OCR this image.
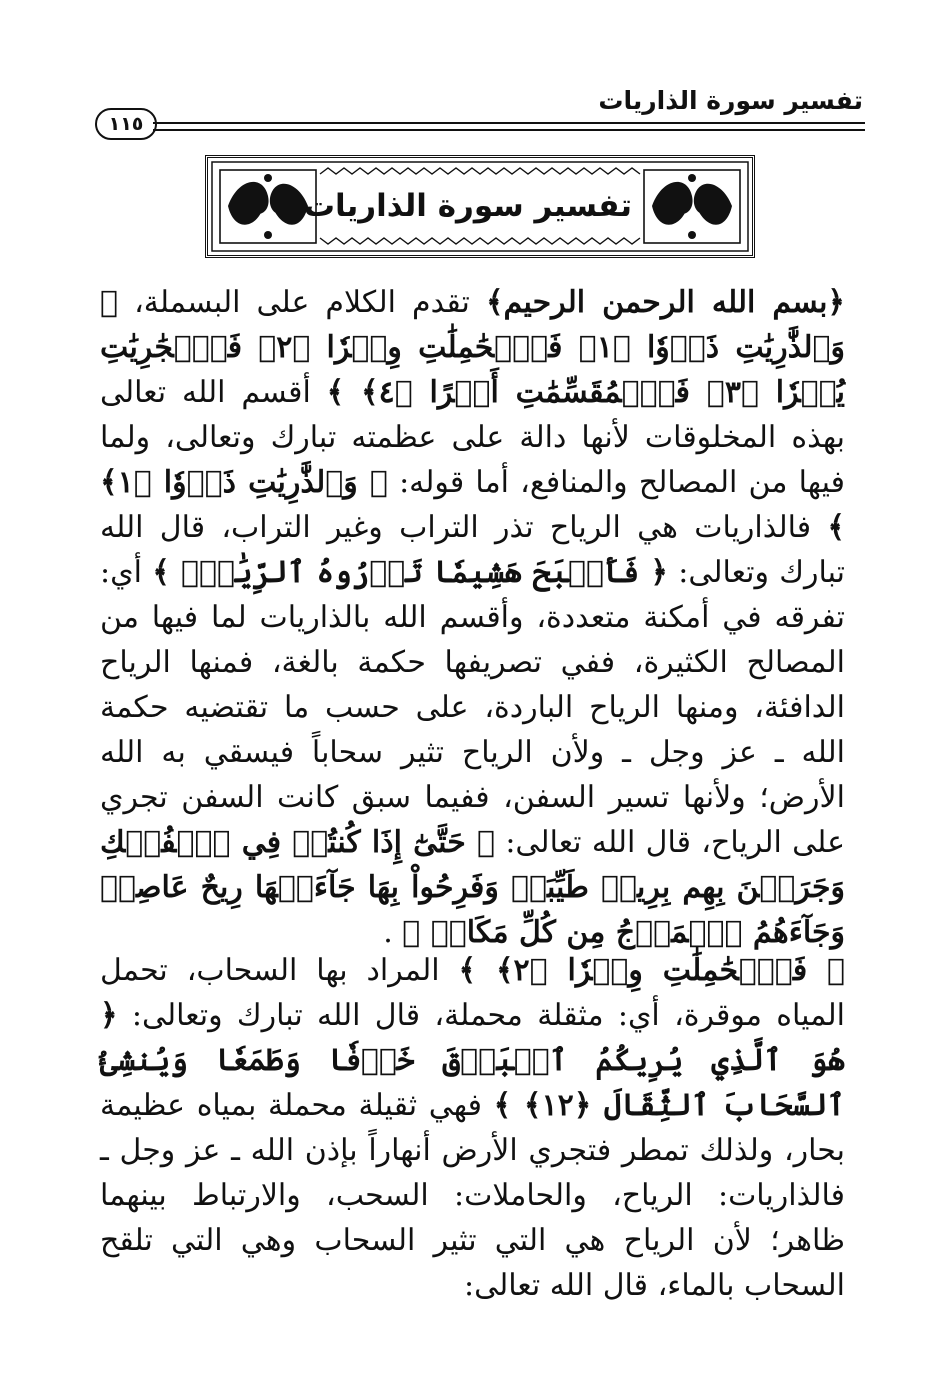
تفسير سورة الذاريات
١١٥
تفسير سورة الذاريات

﴿بسم الله الرحمن الرحيم﴾ تقدم الكلام على البسملة، ﴿ وَٱلذَّٰرِيَٰتِ ذَرۡوٗا ﴿١﴾ فَٱلۡحَٰمِلَٰتِ وِقۡرٗا ﴿٢﴾ فَٱلۡجَٰرِيَٰتِ يُسۡرٗا ﴿٣﴾ فَٱلۡمُقَسِّمَٰتِ أَمۡرًا ﴿٤﴾ ﴾ أقسم الله تعالى بهذه المخلوقات لأنها دالة على عظمته تبارك وتعالى، ولما فيها من المصالح والمنافع، أما قوله: ﴿ وَٱلذَّٰرِيَٰتِ ذَرۡوٗا ﴿١﴾ ﴾ فالذاريات هي الرياح تذر التراب وغير التراب، قال الله تبارك وتعالى: ﴿ فَأَصۡبَحَ هَشِيمٗا تَذۡرُوهُ ٱلرِّيَٰحُۗ ﴾ أي: تفرقه في أمكنة متعددة، وأقسم الله بالذاريات لما فيها من المصالح الكثيرة، ففي تصريفها حكمة بالغة، فمنها الرياح الدافئة، ومنها الرياح الباردة، على حسب ما تقتضيه حكمة الله ـ عز وجل ـ ولأن الرياح تثير سحاباً فيسقي به الله الأرض؛ ولأنها تسير السفن، ففيما سبق كانت السفن تجري على الرياح، قال الله تعالى: ﴿ حَتَّىٰٓ إِذَا كُنتُمۡ فِي ٱلۡفُلۡكِ وَجَرَيۡنَ بِهِم بِرِيحٖ طَيِّبَةٖ وَفَرِحُواْ بِهَا جَآءَتۡهَا رِيحٌ عَاصِفٞ وَجَآءَهُمُ ٱلۡمَوۡجُ مِن كُلِّ مَكَانٖ ﴾ .

﴿ فَٱلۡحَٰمِلَٰتِ وِقۡرٗا ﴿٢﴾ ﴾ المراد بها السحاب، تحمل المياه موقرة، أي: مثقلة محملة، قال الله تبارك وتعالى: ﴿ هُوَ ٱلَّذِي يُرِيكُمُ ٱلۡبَرۡقَ خَوۡفٗا وَطَمَعٗا وَيُنشِئُ ٱلسَّحَابَ ٱلثِّقَالَ ﴿١٢﴾ ﴾ فهي ثقيلة محملة بمياه عظيمة بحار، ولذلك تمطر فتجري الأرض أنهاراً بإذن الله ـ عز وجل ـ فالذاريات: الرياح، والحاملات: السحب، والارتباط بينهما ظاهر؛ لأن الرياح هي التي تثير السحاب وهي التي تلقح السحاب بالماء، قال الله تعالى:
